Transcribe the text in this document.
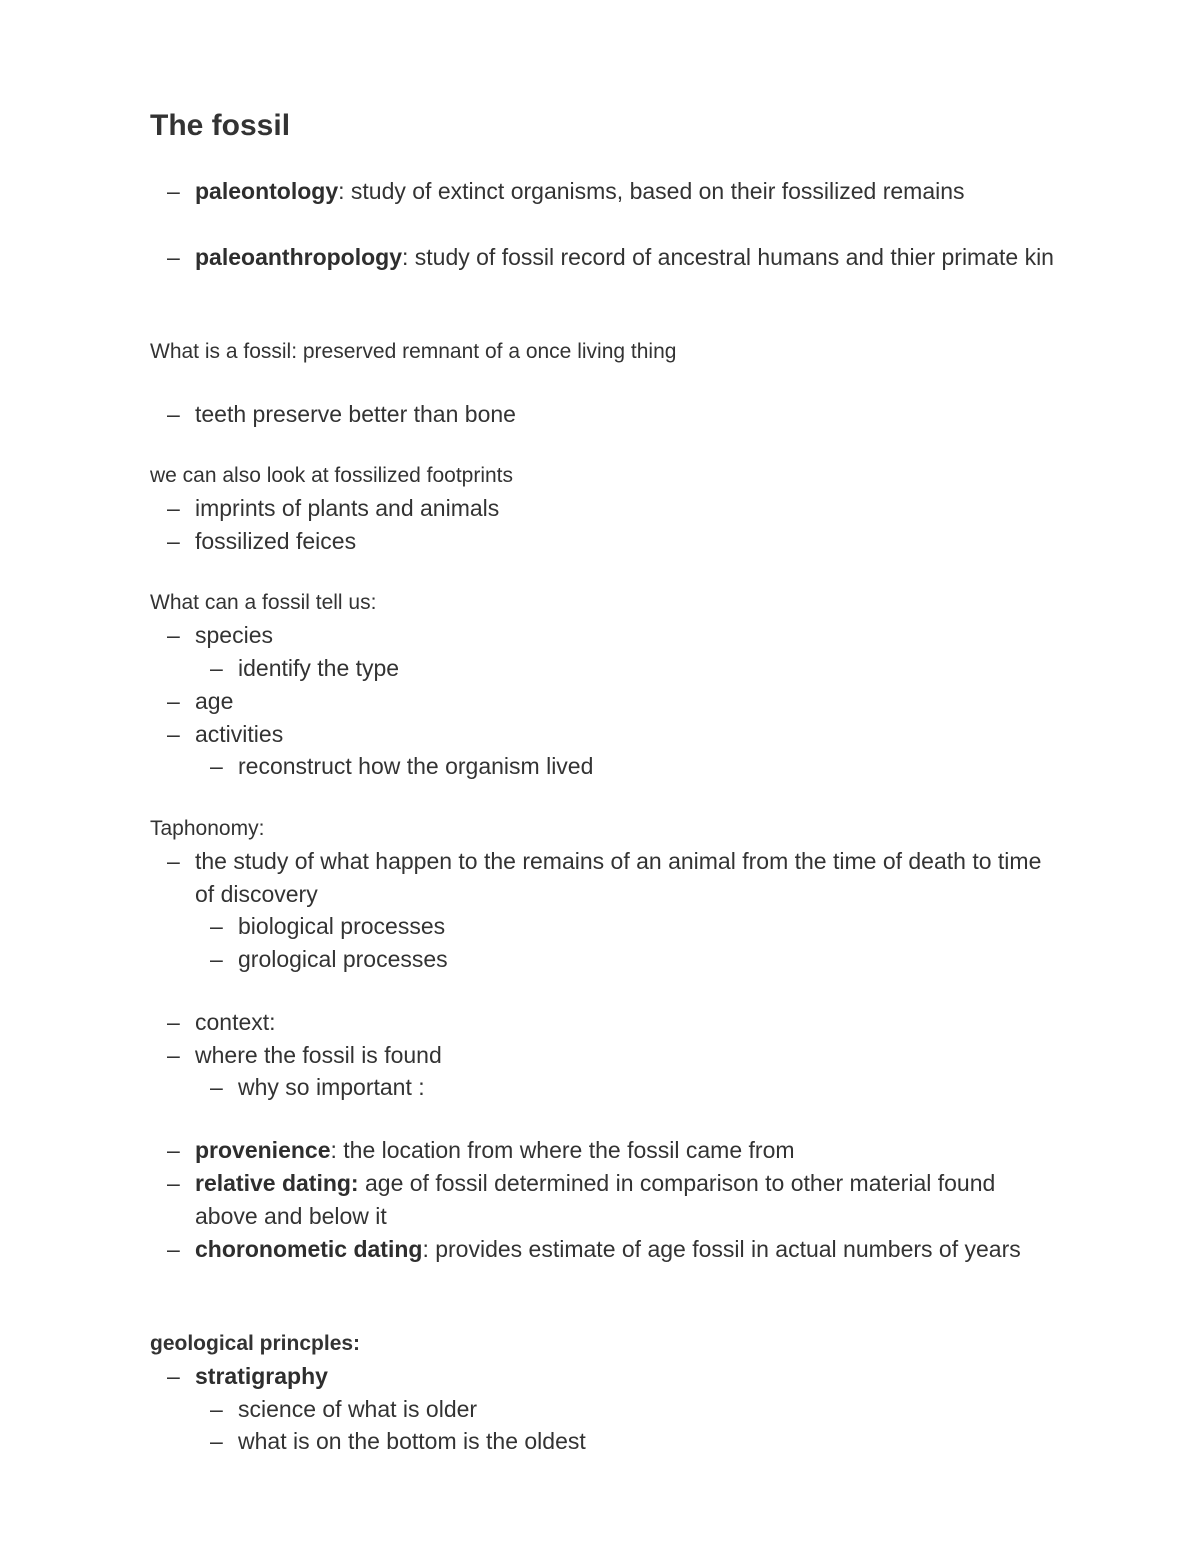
The fossil
– paleontology: study of extinct organisms, based on their fossilized remains
– paleoanthropology: study of fossil record of ancestral humans and thier primate kin
What is a fossil: preserved remnant of a once living thing
– teeth preserve better than bone
we can also look at fossilized footprints
– imprints of plants and animals
– fossilized feices
What can a fossil tell us:
– species
– identify the type
– age
– activities
– reconstruct how the organism lived
Taphonomy:
– the study of what happen to the remains of an animal from the time of death to time of discovery
– biological processes
– grological processes
– context:
– where the fossil is found
– why so important :
– provenience: the location from where the fossil came from
– relative dating: age of fossil determined in comparison to other material found above and below it
– choronometic dating: provides estimate of age fossil in actual numbers of years
geological princples:
– stratigraphy
– science of what is older
– what is on the bottom is the oldest
